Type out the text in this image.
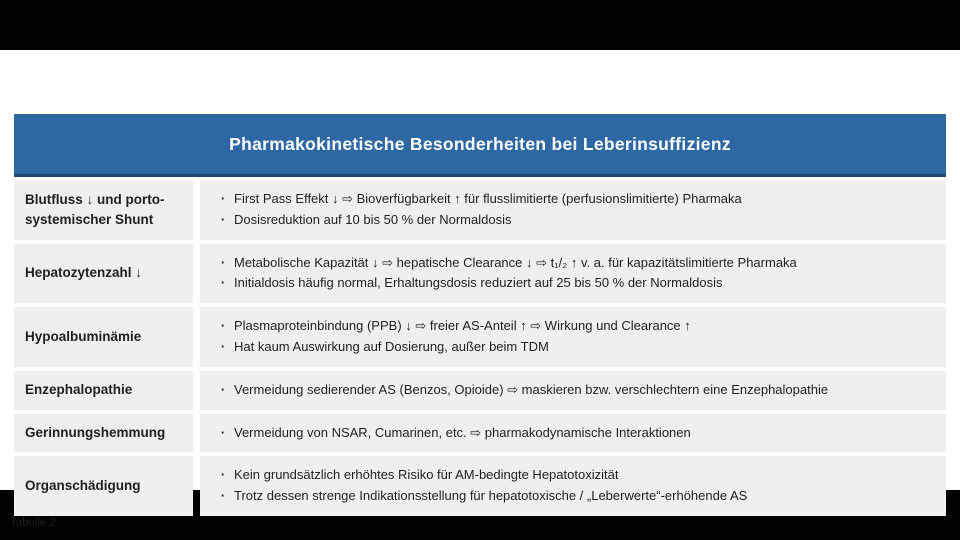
Pharmakokinetische Besonderheiten bei Leberinsuffizienz
Blutfluss ↓ und porto-systemischer Shunt
· First Pass Effekt ↓ ⇨ Bioverfügbarkeit ↑ für flusslimitierte (perfusionslimitierte) Pharmaka
· Dosisreduktion auf 10 bis 50 % der Normaldosis
Hepatozytenzahl ↓
· Metabolische Kapazität ↓ ⇨ hepatische Clearance ↓ ⇨ t₁/₂ ↑ v. a. für kapazitätslimitierte Pharmaka
· Initialdosis häufig normal, Erhaltungsdosis reduziert auf 25 bis 50 % der Normaldosis
Hypoalbuminämie
· Plasmaproteinbindung (PPB) ↓ ⇨ freier AS-Anteil ↑ ⇨ Wirkung und Clearance ↑
· Hat kaum Auswirkung auf Dosierung, außer beim TDM
Enzephalopathie	· Vermeidung sedierender AS (Benzos, Opioide) ⇨ maskieren bzw. verschlechtern eine Enzephalopathie
Gerinnungshemmung	· Vermeidung von NSAR, Cumarinen, etc. ⇨ pharmakodynamische Interaktionen
Organschädigung
· Kein grundsätzlich erhöhtes Risiko für AM-bedingte Hepatotoxizität
· Trotz dessen strenge Indikationsstellung für hepatotoxische / „Leberwerte“-erhöhende AS
Tabelle 2
